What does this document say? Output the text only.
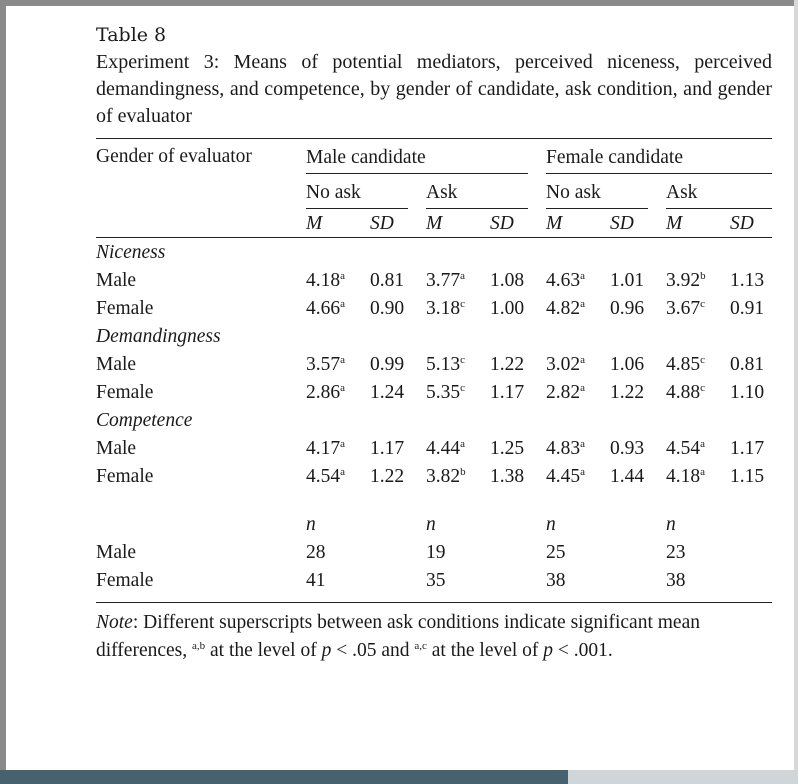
Table 8

Experiment 3: Means of potential mediators, perceived niceness, perceived demandingness, and competence, by gender of candidate, ask condition, and gender of evaluator

Gender of evaluator	Male candidate				Female candidate			

	No ask		Ask		No ask		Ask	

	M	SD	M	SD	M	SD	M	SD
Niceness								
Male	4.18$^a$	0.81	3.77$^a$	1.08	4.63$^a$	1.01	3.92$^b$	1.13
Female	4.66$^a$	0.90	3.18$^c$	1.00	4.82$^a$	0.96	3.67$^c$	0.91
Demandingness								
Male	3.57$^a$	0.99	5.13$^c$	1.22	3.02$^a$	1.06	4.85$^c$	0.81
Female	2.86$^a$	1.24	5.35$^c$	1.17	2.82$^a$	1.22	4.88$^c$	1.10
Competence								
Male	4.17$^a$	1.17	4.44$^a$	1.25	4.83$^a$	0.93	4.54$^a$	1.17
Female	4.54$^a$	1.22	3.82$^b$	1.38	4.45$^a$	1.44	4.18$^a$	1.15

	n		n		n		n	
Male	28		19		25		23	
Female	41		35		38		38	

Note: Different superscripts between ask conditions indicate significant mean differences, $^{a,b}$ at the level of p < .05 and $^{a,c}$ at the level of p < .001.
